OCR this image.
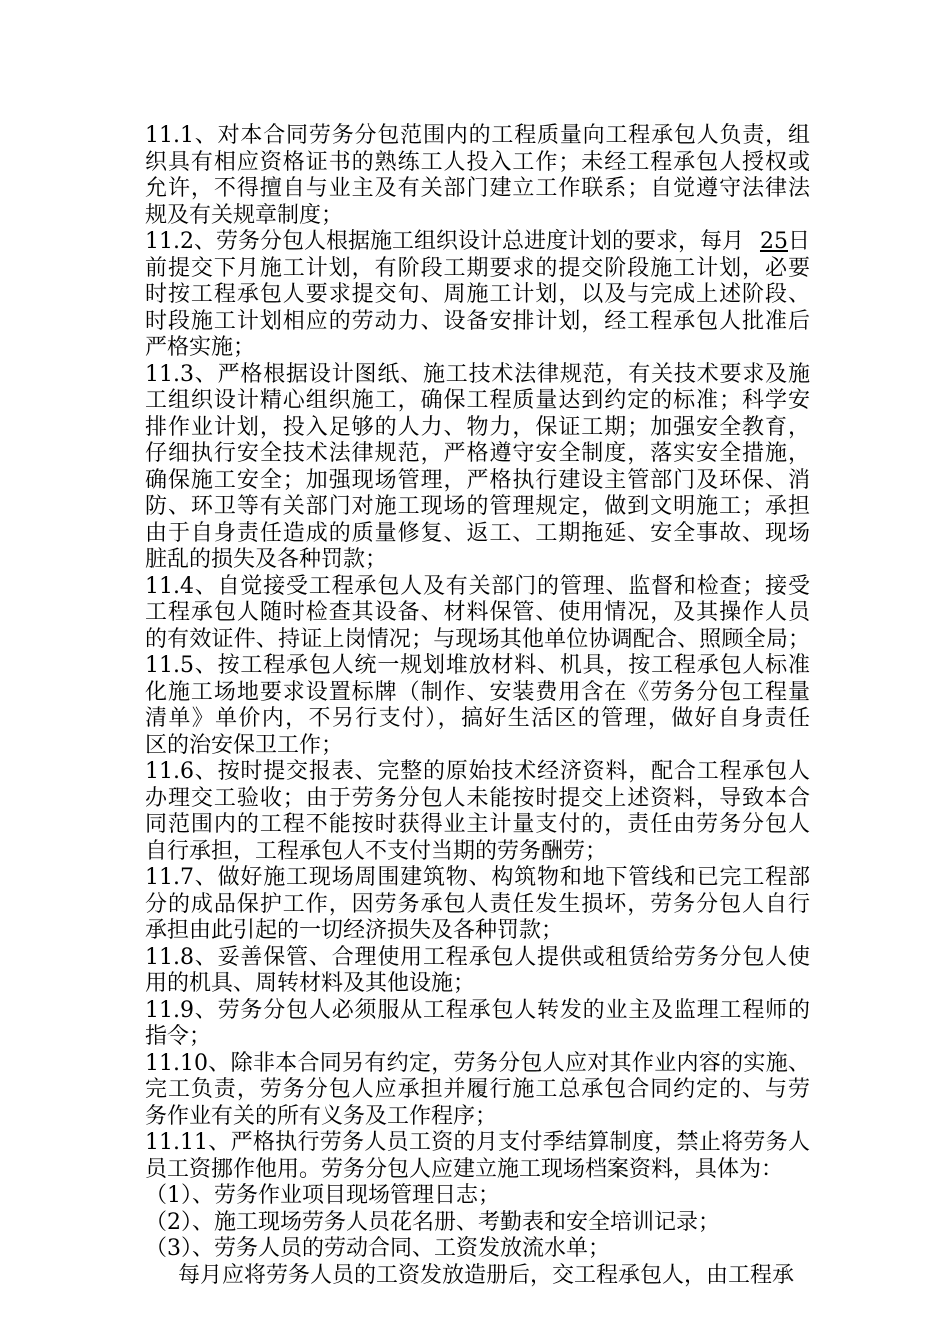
11.1、对本合同劳务分包范围内的工程质量向工程承包人负责，组
织具有相应资格证书的熟练工人投入工作；未经工程承包人授权或
允许，不得擅自与业主及有关部门建立工作联系；自觉遵守法律法
规及有关规章制度；
11.2、劳务分包人根据施工组织设计总进度计划的要求，每月 25日
前提交下月施工计划，有阶段工期要求的提交阶段施工计划，必要
时按工程承包人要求提交旬、周施工计划，以及与完成上述阶段、
时段施工计划相应的劳动力、设备安排计划，经工程承包人批准后
严格实施；
11.3、严格根据设计图纸、施工技术法律规范，有关技术要求及施
工组织设计精心组织施工，确保工程质量达到约定的标准；科学安
排作业计划，投入足够的人力、物力，保证工期；加强安全教育，
仔细执行安全技术法律规范，严格遵守安全制度，落实安全措施，
确保施工安全；加强现场管理，严格执行建设主管部门及环保、消
防、环卫等有关部门对施工现场的管理规定，做到文明施工；承担
由于自身责任造成的质量修复、返工、工期拖延、安全事故、现场
脏乱的损失及各种罚款；
11.4、自觉接受工程承包人及有关部门的管理、监督和检查；接受
工程承包人随时检查其设备、材料保管、使用情况，及其操作人员
的有效证件、持证上岗情况；与现场其他单位协调配合、照顾全局；
11.5、按工程承包人统一规划堆放材料、机具，按工程承包人标准
化施工场地要求设置标牌（制作、安装费用含在《劳务分包工程量
清单》单价内，不另行支付），搞好生活区的管理，做好自身责任
区的治安保卫工作；
11.6、按时提交报表、完整的原始技术经济资料，配合工程承包人
办理交工验收；由于劳务分包人未能按时提交上述资料，导致本合
同范围内的工程不能按时获得业主计量支付的，责任由劳务分包人
自行承担，工程承包人不支付当期的劳务酬劳；
11.7、做好施工现场周围建筑物、构筑物和地下管线和已完工程部
分的成品保护工作，因劳务承包人责任发生损坏，劳务分包人自行
承担由此引起的一切经济损失及各种罚款；
11.8、妥善保管、合理使用工程承包人提供或租赁给劳务分包人使
用的机具、周转材料及其他设施；
11.9、劳务分包人必须服从工程承包人转发的业主及监理工程师的
指令；
11.10、除非本合同另有约定，劳务分包人应对其作业内容的实施、
完工负责，劳务分包人应承担并履行施工总承包合同约定的、与劳
务作业有关的所有义务及工作程序；
11.11、严格执行劳务人员工资的月支付季结算制度，禁止将劳务人
员工资挪作他用。劳务分包人应建立施工现场档案资料，具体为：
（1）、劳务作业项目现场管理日志；
（2）、施工现场劳务人员花名册、考勤表和安全培训记录；
（3）、劳务人员的劳动合同、工资发放流水单；
每月应将劳务人员的工资发放造册后，交工程承包人，由工程承
